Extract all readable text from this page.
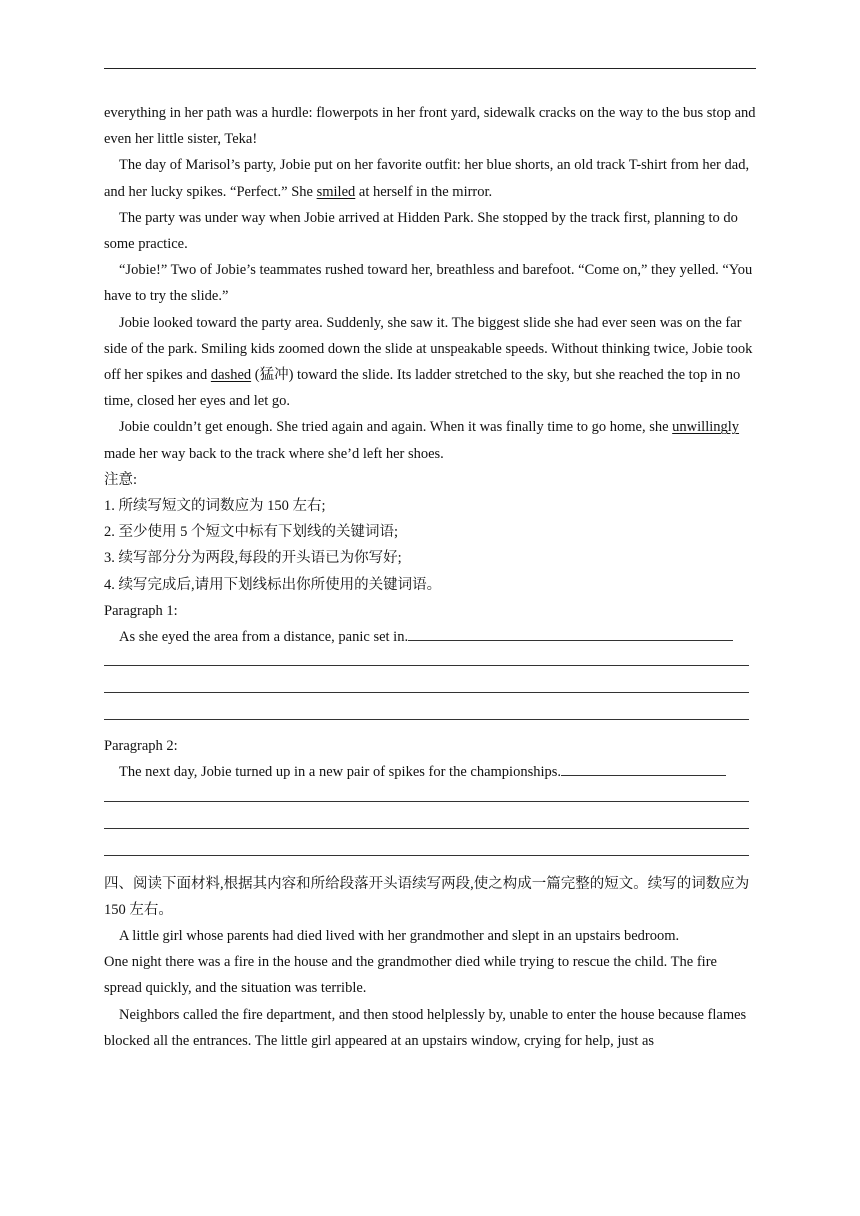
everything in her path was a hurdle: flowerpots in her front yard, sidewalk cracks on the way to the bus stop and even her little sister, Teka!

The day of Marisol’s party, Jobie put on her favorite outfit: her blue shorts, an old track T-shirt from her dad, and her lucky spikes. “Perfect.” She smiled at herself in the mirror.

The party was under way when Jobie arrived at Hidden Park. She stopped by the track first, planning to do some practice.

“Jobie!” Two of Jobie’s teammates rushed toward her, breathless and barefoot. “Come on,” they yelled. “You have to try the slide.”

Jobie looked toward the party area. Suddenly, she saw it. The biggest slide she had ever seen was on the far side of the park. Smiling kids zoomed down the slide at unspeakable speeds. Without thinking twice, Jobie took off her spikes and dashed (猛冲) toward the slide. Its ladder stretched to the sky, but she reached the top in no time, closed her eyes and let go.

Jobie couldn’t get enough. She tried again and again. When it was finally time to go home, she unwillingly made her way back to the track where she’d left her shoes.

注意:

1. 所续写短文的词数应为 150 左右;

2. 至少使用 5 个短文中标有下划线的关键词语;

3. 续写部分分为两段,每段的开头语已为你写好;

4. 续写完成后,请用下划线标出你所使用的关键词语。

Paragraph 1:

As she eyed the area from a distance, panic set in.

Paragraph 2:

The next day, Jobie turned up in a new pair of spikes for the championships.

四、阅读下面材料,根据其内容和所给段落开头语续写两段,使之构成一篇完整的短文。续写的词数应为 150 左右。

A little girl whose parents had died lived with her grandmother and slept in an upstairs bedroom.

One night there was a fire in the house and the grandmother died while trying to rescue the child. The fire spread quickly, and the situation was terrible.

Neighbors called the fire department, and then stood helplessly by, unable to enter the house because flames blocked all the entrances. The little girl appeared at an upstairs window, crying for help, just as
